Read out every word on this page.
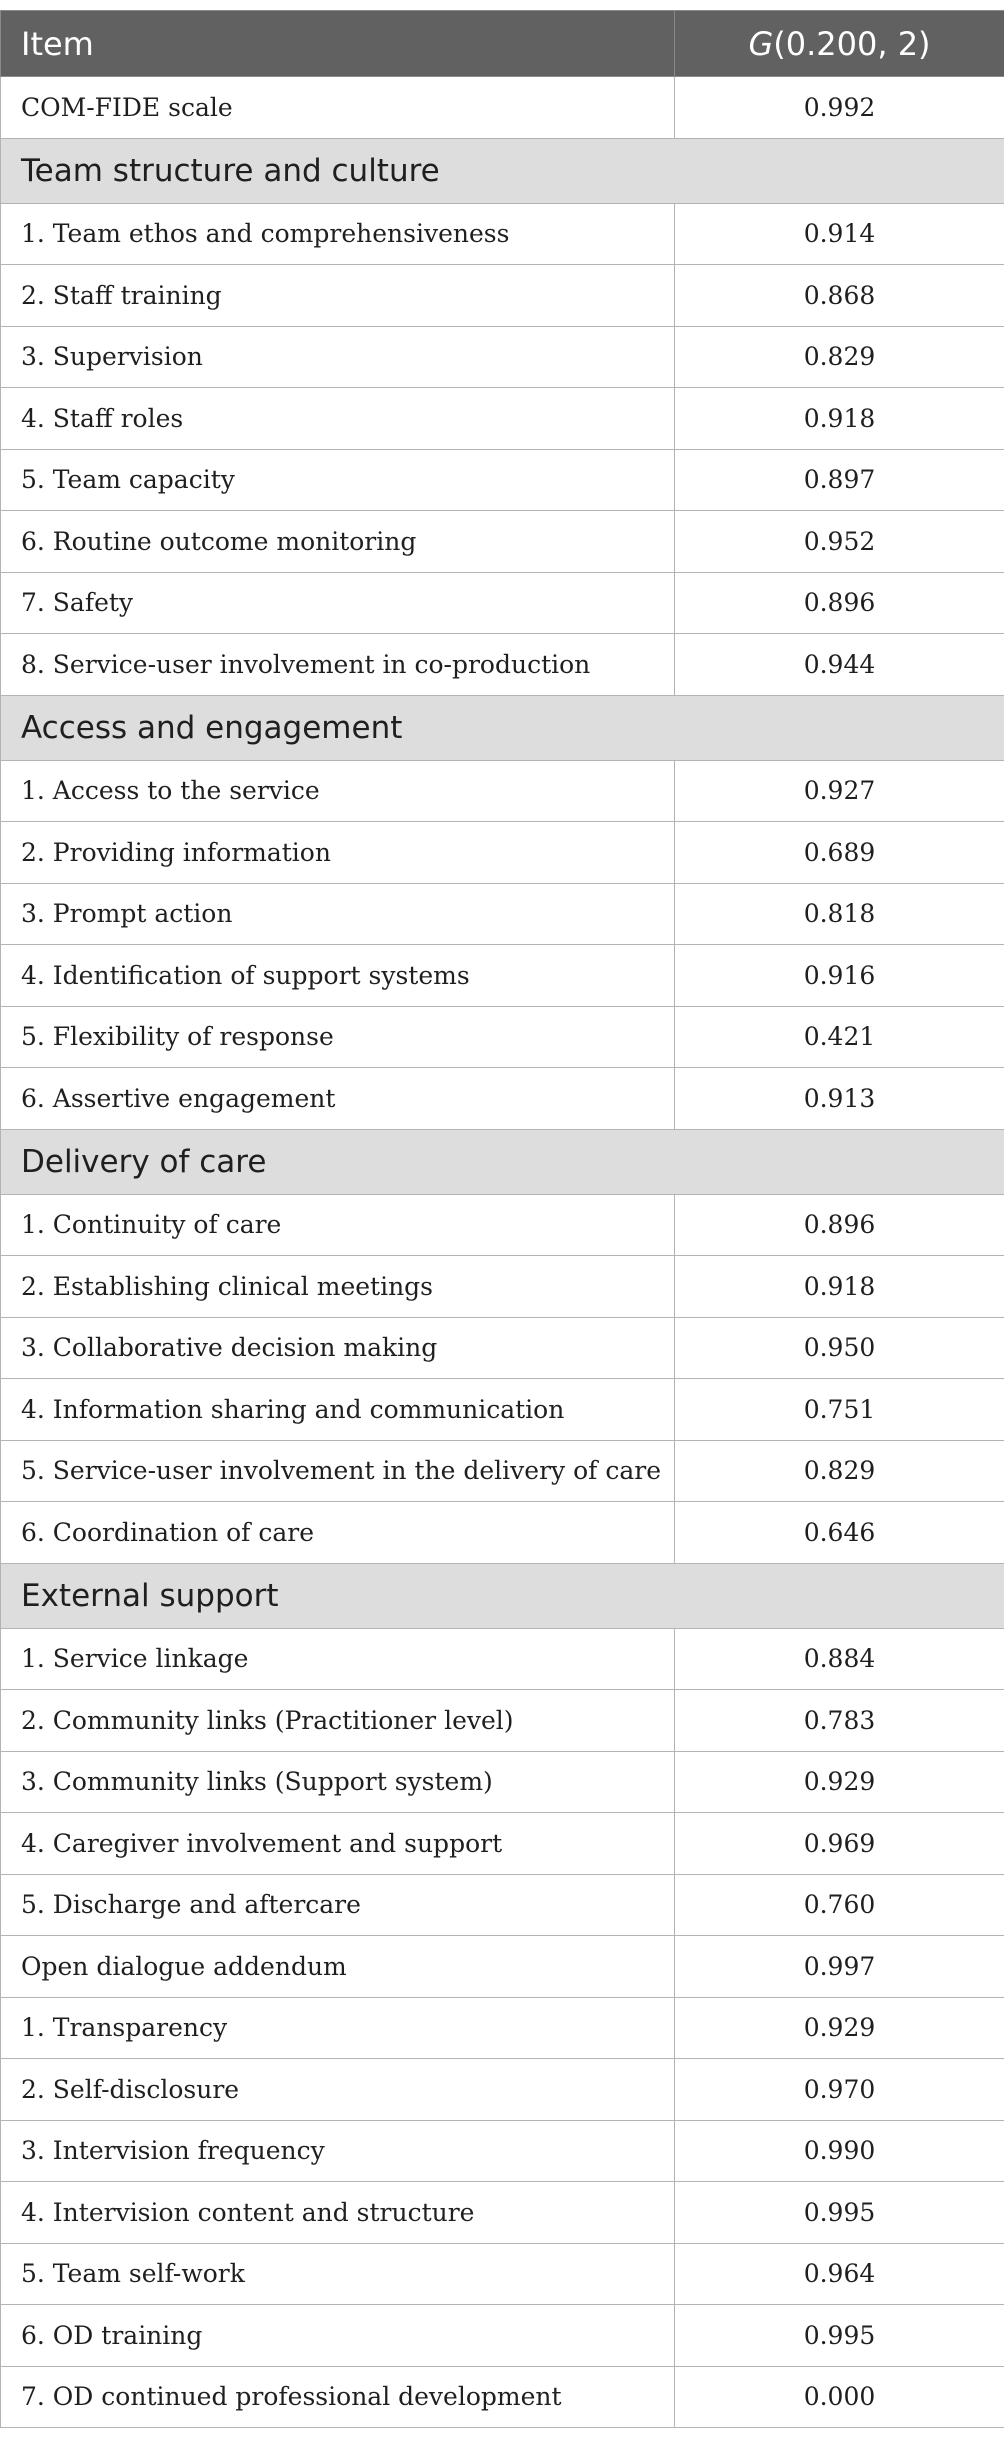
Item	G(0.200, 2)
COM-FIDE scale	0.992
Team structure and culture	
1. Team ethos and comprehensiveness	0.914
2. Staff training	0.868
3. Supervision	0.829
4. Staff roles	0.918
5. Team capacity	0.897
6. Routine outcome monitoring	0.952
7. Safety	0.896
8. Service-user involvement in co-production	0.944
Access and engagement	
1. Access to the service	0.927
2. Providing information	0.689
3. Prompt action	0.818
4. Identification of support systems	0.916
5. Flexibility of response	0.421
6. Assertive engagement	0.913
Delivery of care	
1. Continuity of care	0.896
2. Establishing clinical meetings	0.918
3. Collaborative decision making	0.950
4. Information sharing and communication	0.751
5. Service-user involvement in the delivery of care	0.829
6. Coordination of care	0.646
External support	
1. Service linkage	0.884
2. Community links (Practitioner level)	0.783
3. Community links (Support system)	0.929
4. Caregiver involvement and support	0.969
5. Discharge and aftercare	0.760
Open dialogue addendum	0.997
1. Transparency	0.929
2. Self-disclosure	0.970
3. Intervision frequency	0.990
4. Intervision content and structure	0.995
5. Team self-work	0.964
6. OD training	0.995
7. OD continued professional development	0.000
